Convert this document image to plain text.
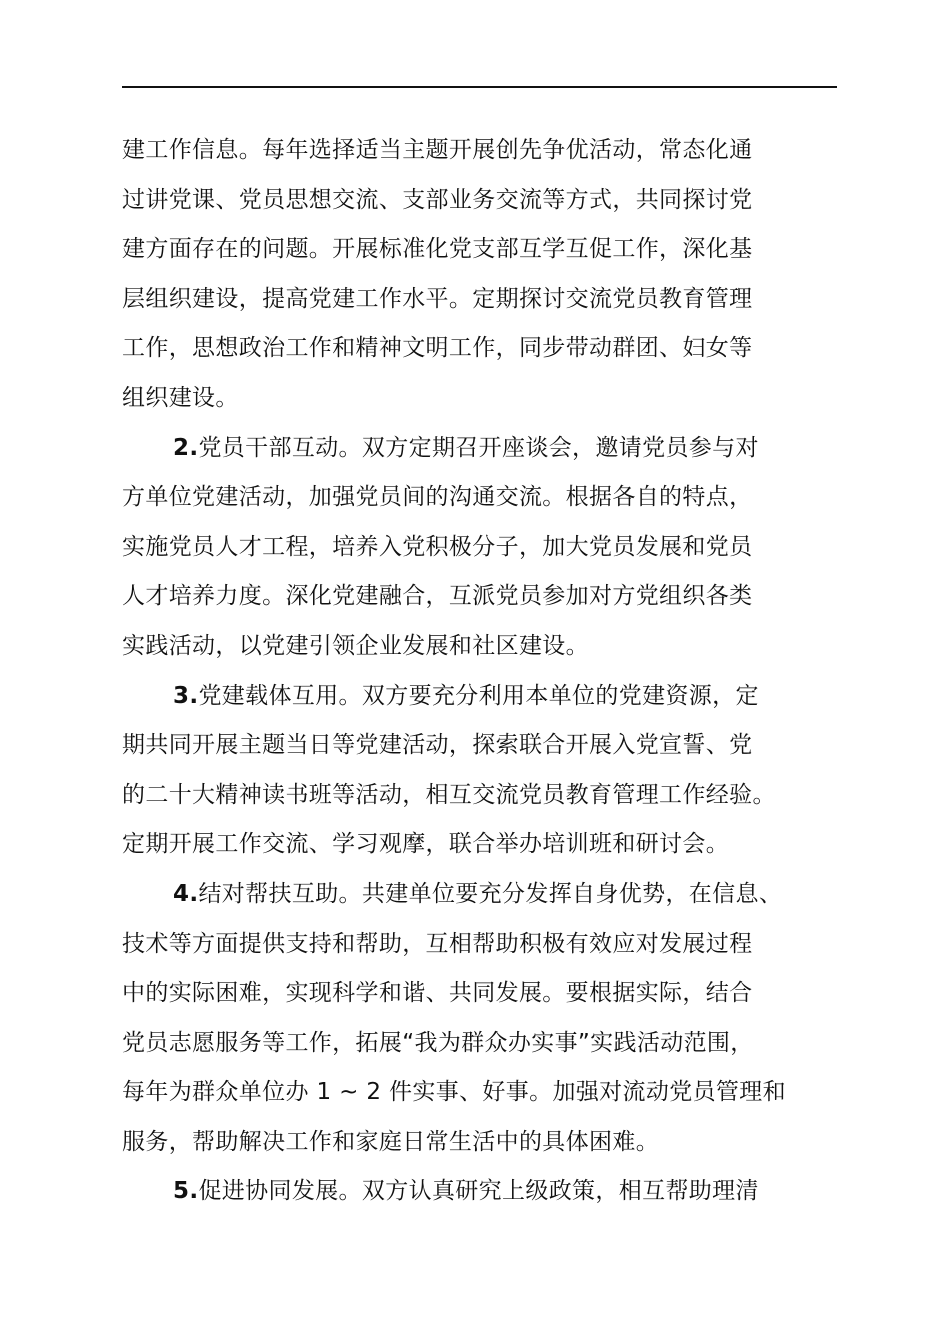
建工作信息。每年选择适当主题开展创先争优活动，常态化通
过讲党课、党员思想交流、支部业务交流等方式，共同探讨党
建方面存在的问题。开展标准化党支部互学互促工作，深化基
层组织建设，提高党建工作水平。定期探讨交流党员教育管理
工作，思想政治工作和精神文明工作，同步带动群团、妇女等
组织建设。
2.党员干部互动。双方定期召开座谈会，邀请党员参与对
方单位党建活动，加强党员间的沟通交流。根据各自的特点，
实施党员人才工程，培养入党积极分子，加大党员发展和党员
人才培养力度。深化党建融合，互派党员参加对方党组织各类
实践活动，以党建引领企业发展和社区建设。
3.党建载体互用。双方要充分利用本单位的党建资源，定
期共同开展主题当日等党建活动，探索联合开展入党宣誓、党
的二十大精神读书班等活动，相互交流党员教育管理工作经验。
定期开展工作交流、学习观摩，联合举办培训班和研讨会。
4.结对帮扶互助。共建单位要充分发挥自身优势，在信息、
技术等方面提供支持和帮助，互相帮助积极有效应对发展过程
中的实际困难，实现科学和谐、共同发展。要根据实际，结合
党员志愿服务等工作，拓展“我为群众办实事”实践活动范围，
每年为群众单位办 1 ~ 2 件实事、好事。加强对流动党员管理和
服务，帮助解决工作和家庭日常生活中的具体困难。
5.促进协同发展。双方认真研究上级政策，相互帮助理清
